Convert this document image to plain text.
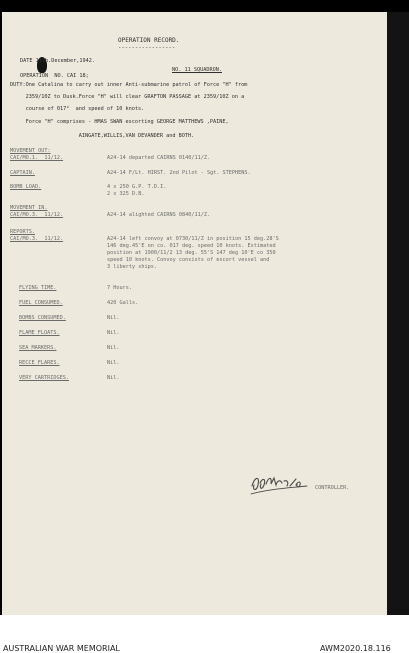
OPERATION RECORD.
-----------------
DATE 11th.December,1942.
NO. 11 SQUADRON.
OPERATION  NO. CAI 18;
DUTY:One Catalina to carry out inner Anti-submarine patrol of Force "H" from
2359/10Z to Dusk.Force "H" will clear GRAFTON PASSAGE at 2359/10Z on a
course of 017°  and speed of 10 knots.
Force "H" comprises - HMAS SWAN escorting GEORGE MATTHEWS ,PAINE,
AINGATE,WILLIS,VAN DEVANDER and BOTH.
MOVEMENT OUT:
CAI/MO.1.  11/12.	A24-14 departed CAIRNS 0140/11/Z.
CAPTAIN.	A24-14 F/Lt. HIRST. 2nd Pilot - Sgt. STEPHENS.
BOMB LOAD.	4 x 250 G.P. T.D.I.
2 x 325 D.B.
MOVEMENT IN.
CAI/MO.3.  11/12.	A24-14 alighted CAIRNS 0840/11/Z.
REPORTS.
CAI/MO.3.  11/12.	A24-14 left convoy at 0730/11/Z in position 15 deg.28'S
146 deg.45'E on co. 017 deg. speed 10 knots. Estimated
position at 1900/11/2 13 deg. 55'S 147 deg 10'E co 350
speed 10 knots. Convoy consists of escort vessel and
3 liberty ships.
FLYING TIME.	7 Hours.
FUEL CONSUMED.	420 Galls.
BOMBS CONSUMED.	Nil.
FLAME FLOATS.	Nil.
SEA MARKERS.	Nil.
RECCE FLARES.	Nil.
VERY CARTRIDGES.	Nil.
CONTROLLER.
AUSTRALIAN WAR MEMORIAL	AWM2020.18.116
